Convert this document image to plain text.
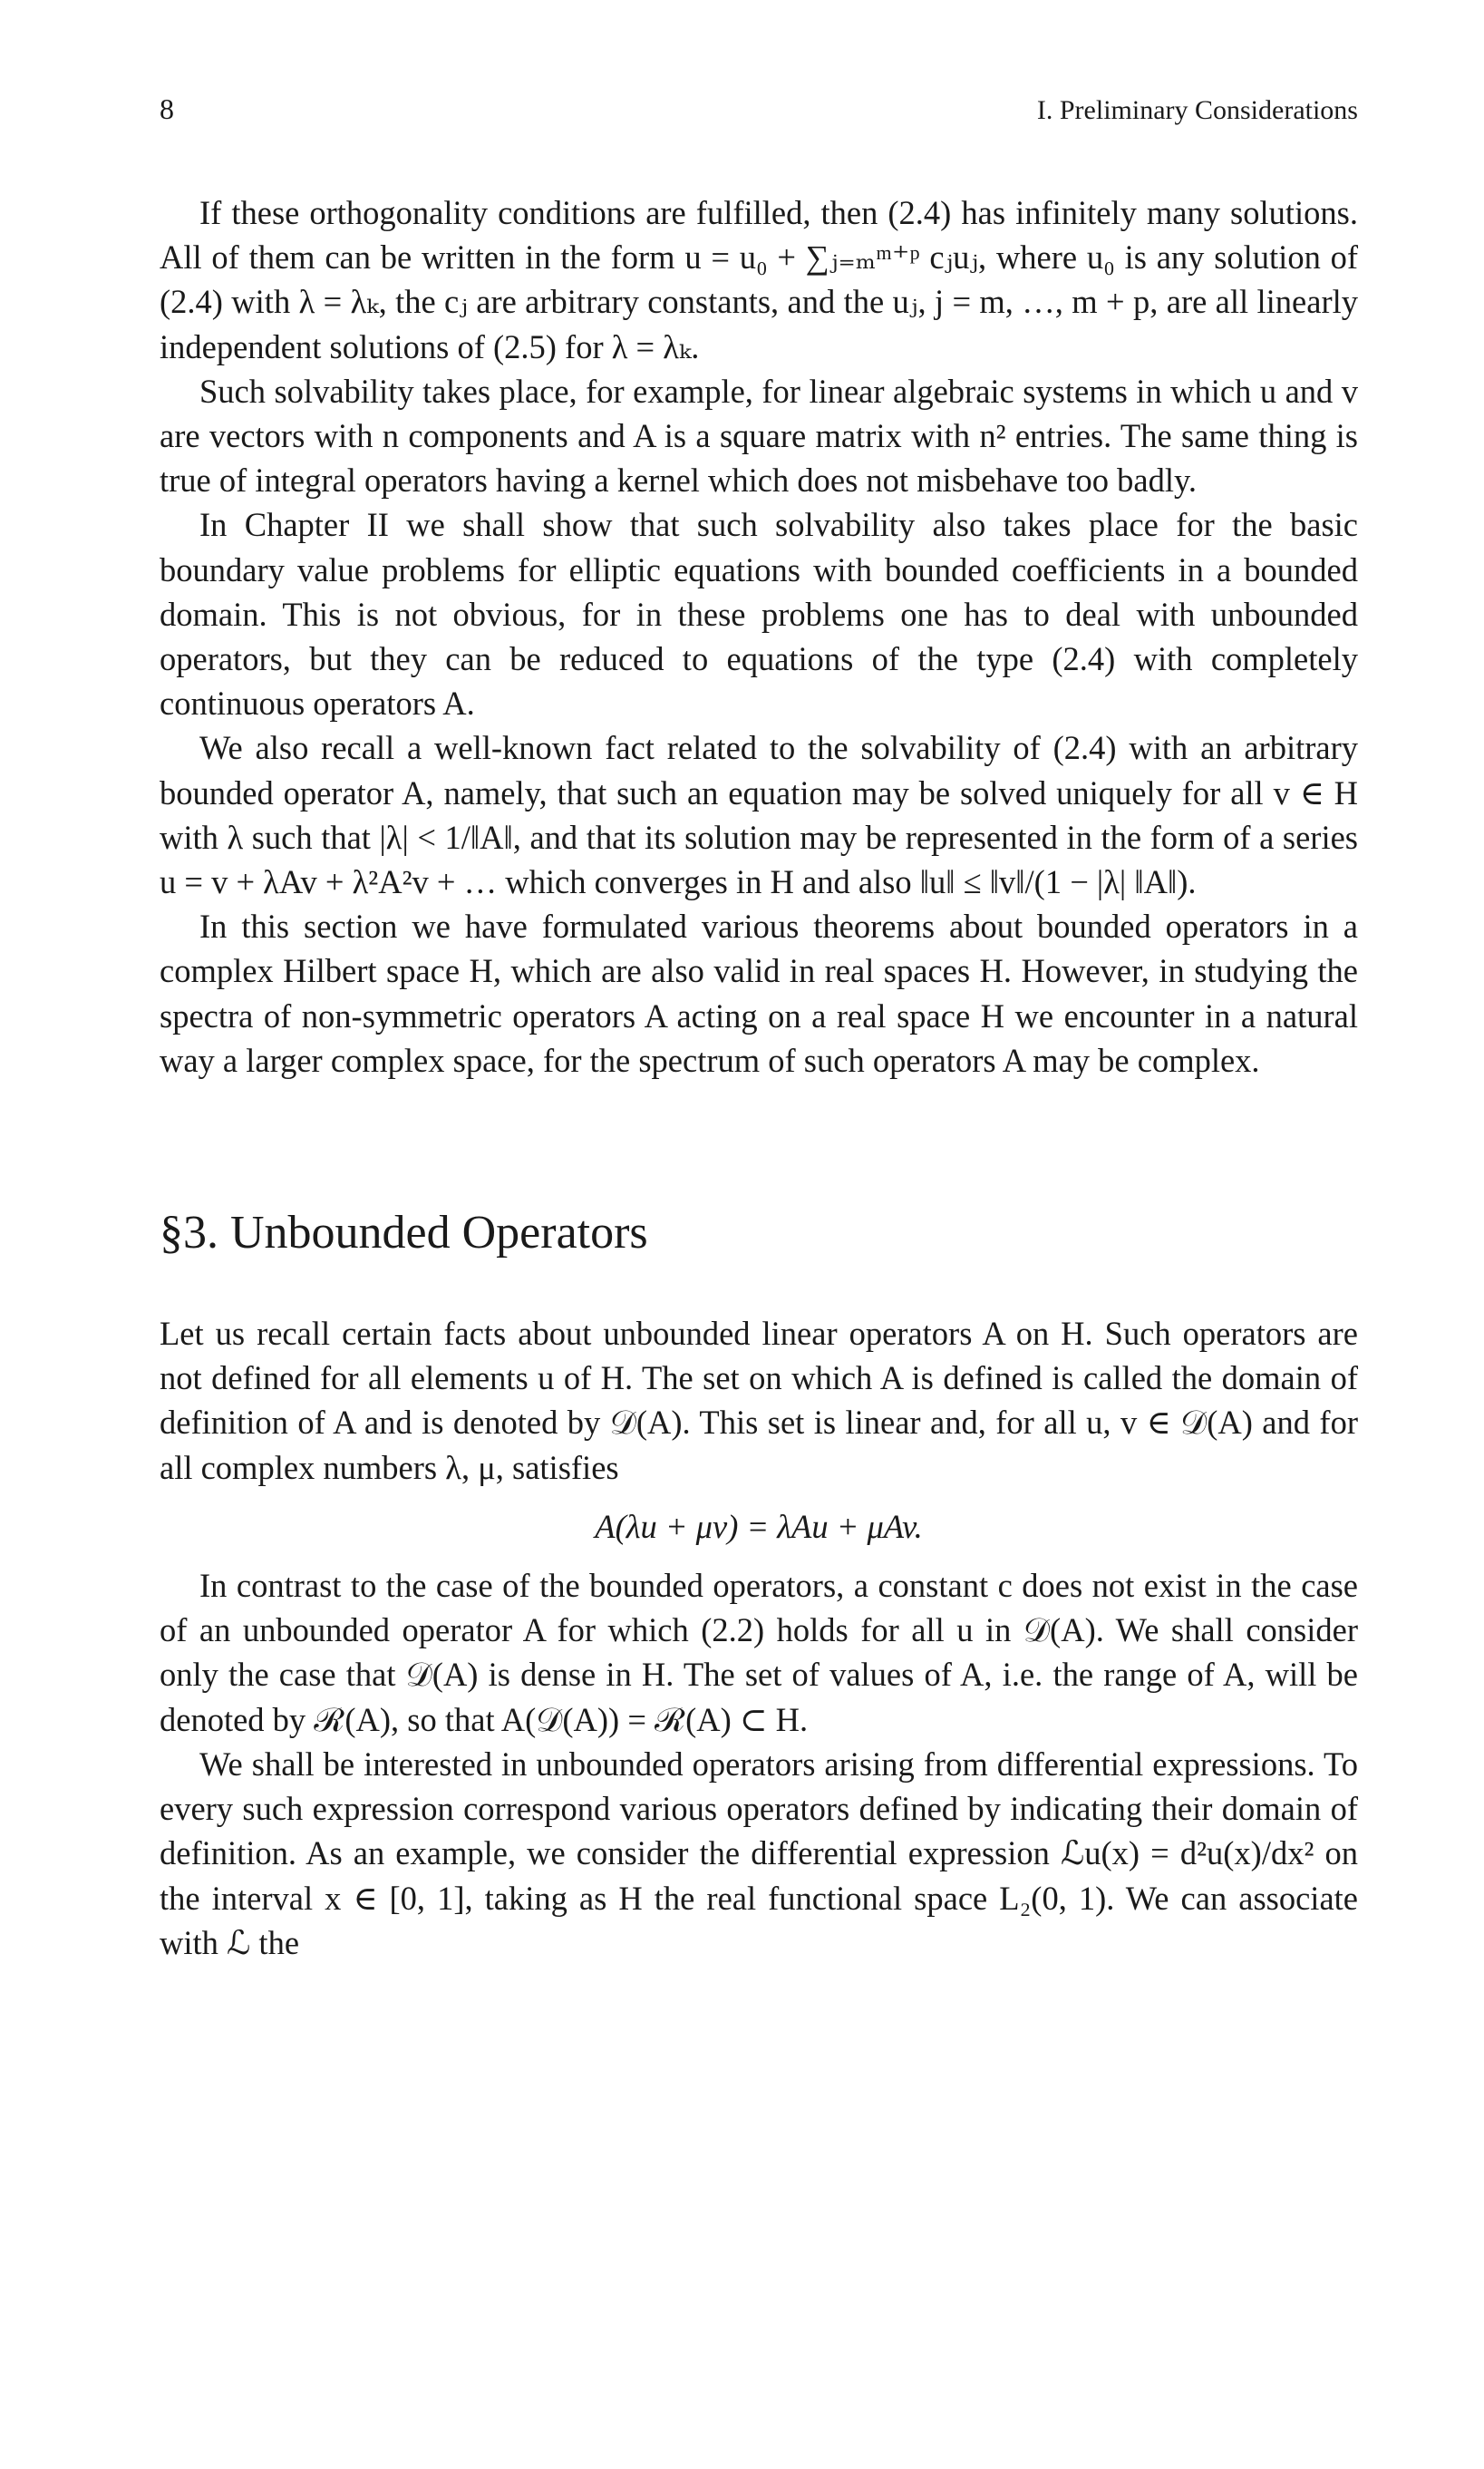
8	I. Preliminary Considerations

If these orthogonality conditions are fulfilled, then (2.4) has infinitely many solutions. All of them can be written in the form u = u₀ + ∑ⱼ₌ₘᵐ⁺ᵖ cⱼuⱼ, where u₀ is any solution of (2.4) with λ = λₖ, the cⱼ are arbitrary constants, and the uⱼ, j = m, …, m + p, are all linearly independent solutions of (2.5) for λ = λₖ.

Such solvability takes place, for example, for linear algebraic systems in which u and v are vectors with n components and A is a square matrix with n² entries. The same thing is true of integral operators having a kernel which does not misbehave too badly.

In Chapter II we shall show that such solvability also takes place for the basic boundary value problems for elliptic equations with bounded coefficients in a bounded domain. This is not obvious, for in these problems one has to deal with unbounded operators, but they can be reduced to equations of the type (2.4) with completely continuous operators A.

We also recall a well-known fact related to the solvability of (2.4) with an arbitrary bounded operator A, namely, that such an equation may be solved uniquely for all v ∈ H with λ such that |λ| < 1/‖A‖, and that its solution may be represented in the form of a series u = v + λAv + λ²A²v + … which converges in H and also ‖u‖ ≤ ‖v‖/(1 − |λ| ‖A‖).

In this section we have formulated various theorems about bounded operators in a complex Hilbert space H, which are also valid in real spaces H. However, in studying the spectra of non-symmetric operators A acting on a real space H we encounter in a natural way a larger complex space, for the spectrum of such operators A may be complex.

§3. Unbounded Operators

Let us recall certain facts about unbounded linear operators A on H. Such operators are not defined for all elements u of H. The set on which A is defined is called the domain of definition of A and is denoted by 𝒟(A). This set is linear and, for all u, v ∈ 𝒟(A) and for all complex numbers λ, μ, satisfies

A(λu + μv) = λAu + μAv.

In contrast to the case of the bounded operators, a constant c does not exist in the case of an unbounded operator A for which (2.2) holds for all u in 𝒟(A). We shall consider only the case that 𝒟(A) is dense in H. The set of values of A, i.e. the range of A, will be denoted by ℛ(A), so that A(𝒟(A)) = ℛ(A) ⊂ H.

We shall be interested in unbounded operators arising from differential expressions. To every such expression correspond various operators defined by indicating their domain of definition. As an example, we consider the differential expression ℒu(x) = d²u(x)/dx² on the interval x ∈ [0, 1], taking as H the real functional space L₂(0, 1). We can associate with ℒ the
